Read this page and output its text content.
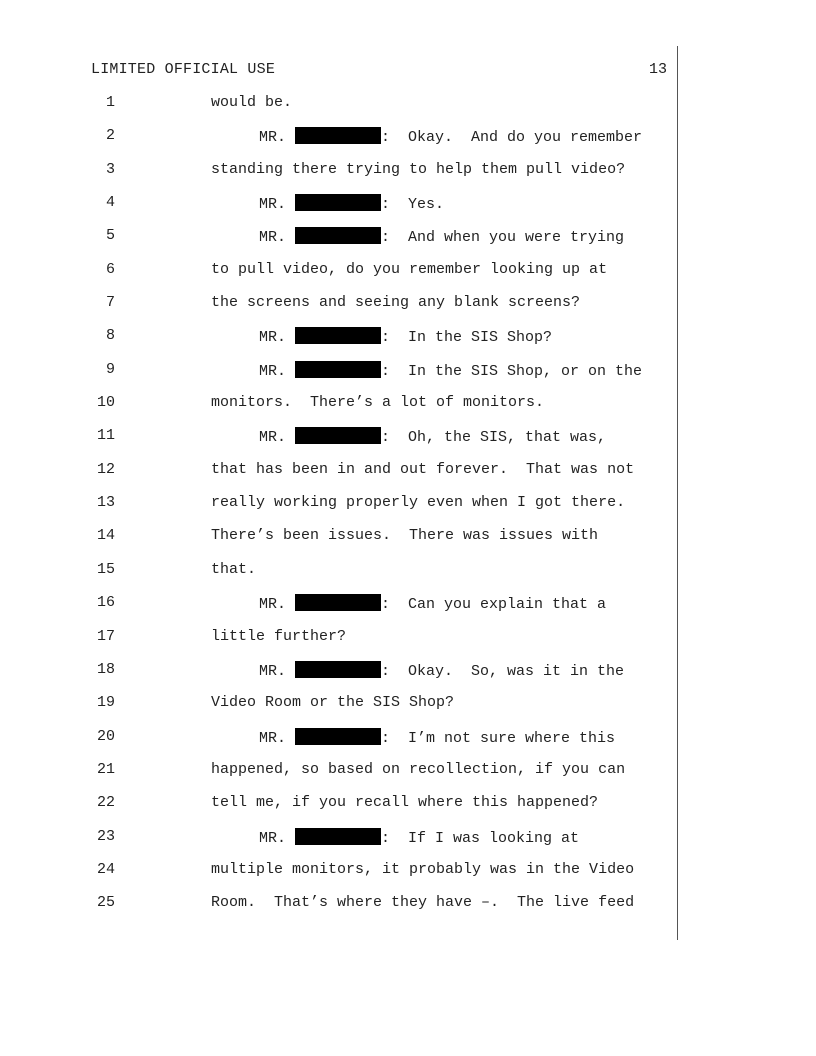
LIMITED OFFICIAL USE	13
1	would be.
2	MR.	:  Okay.  And do you remember
3	standing there trying to help them pull video?
4	MR.	:  Yes.
5	MR.	:  And when you were trying
6	to pull video, do you remember looking up at
7	the screens and seeing any blank screens?
8	MR.	:  In the SIS Shop?
9	MR.	:  In the SIS Shop, or on the
10	monitors.  There’s a lot of monitors.
11	MR.	:  Oh, the SIS, that was,
12	that has been in and out forever.  That was not
13	really working properly even when I got there.
14	There’s been issues.  There was issues with
15	that.
16	MR.	:  Can you explain that a
17	little further?
18	MR.	:  Okay.  So, was it in the
19	Video Room or the SIS Shop?
20	MR.	:  I’m not sure where this
21	happened, so based on recollection, if you can
22	tell me, if you recall where this happened?
23	MR.	:  If I was looking at
24	multiple monitors, it probably was in the Video
25	Room.  That’s where they have –.  The live feed
